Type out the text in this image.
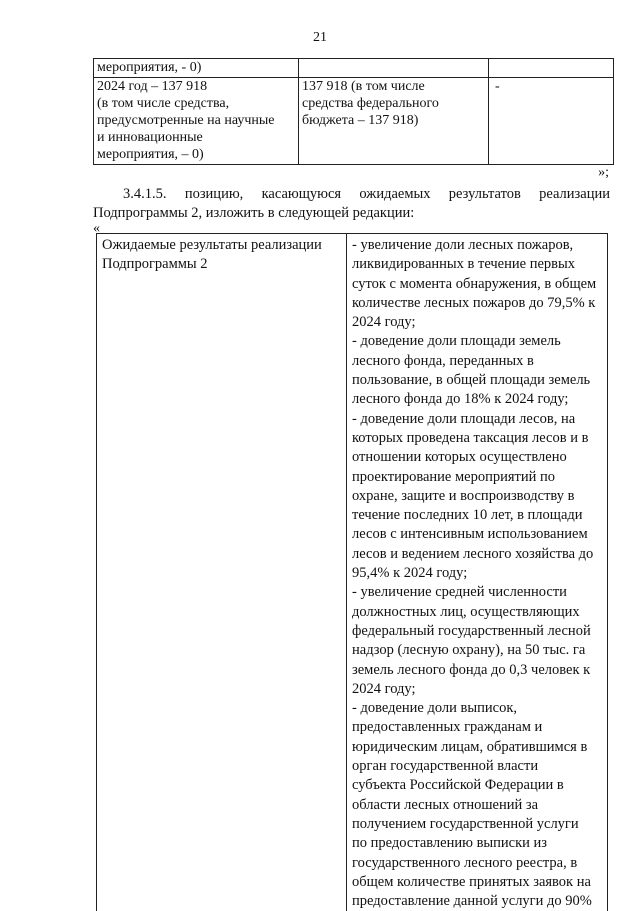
21
мероприятия, - 0)		

2024 год – 137 918
(в том числе средства,
предусмотренные на научные
и инновационные
мероприятия, – 0)	137 918 (в том числе
средства федерального
бюджета – 137 918)	-
»;
3.4.1.5. позицию, касающуюся ожидаемых результатов реализации
Подпрограммы 2, изложить в следующей редакции:
«
Ожидаемые результаты реализации
Подпрограммы 2

- увеличение доли лесных пожаров,
ликвидированных в течение первых
суток с момента обнаружения, в общем
количестве лесных пожаров до 79,5% к
2024 году;
- доведение доли площади земель
лесного фонда, переданных в
пользование, в общей площади земель
лесного фонда до 18% к 2024 году;
- доведение доли площади лесов, на
которых проведена таксация лесов и в
отношении которых осуществлено
проектирование мероприятий по
охране, защите и воспроизводству в
течение последних 10 лет, в площади
лесов с интенсивным использованием
лесов и ведением лесного хозяйства до
95,4% к 2024 году;
- увеличение средней численности
должностных лиц, осуществляющих
федеральный государственный лесной
надзор (лесную охрану), на 50 тыс. га
земель лесного фонда до 0,3 человек к
2024 году;
- доведение доли выписок,
предоставленных гражданам и
юридическим лицам, обратившимся в
орган государственной власти
субъекта Российской Федерации в
области лесных отношений за
получением государственной услуги
по предоставлению выписки из
государственного лесного реестра, в
общем количестве принятых заявок на
предоставление данной услуги до 90%
